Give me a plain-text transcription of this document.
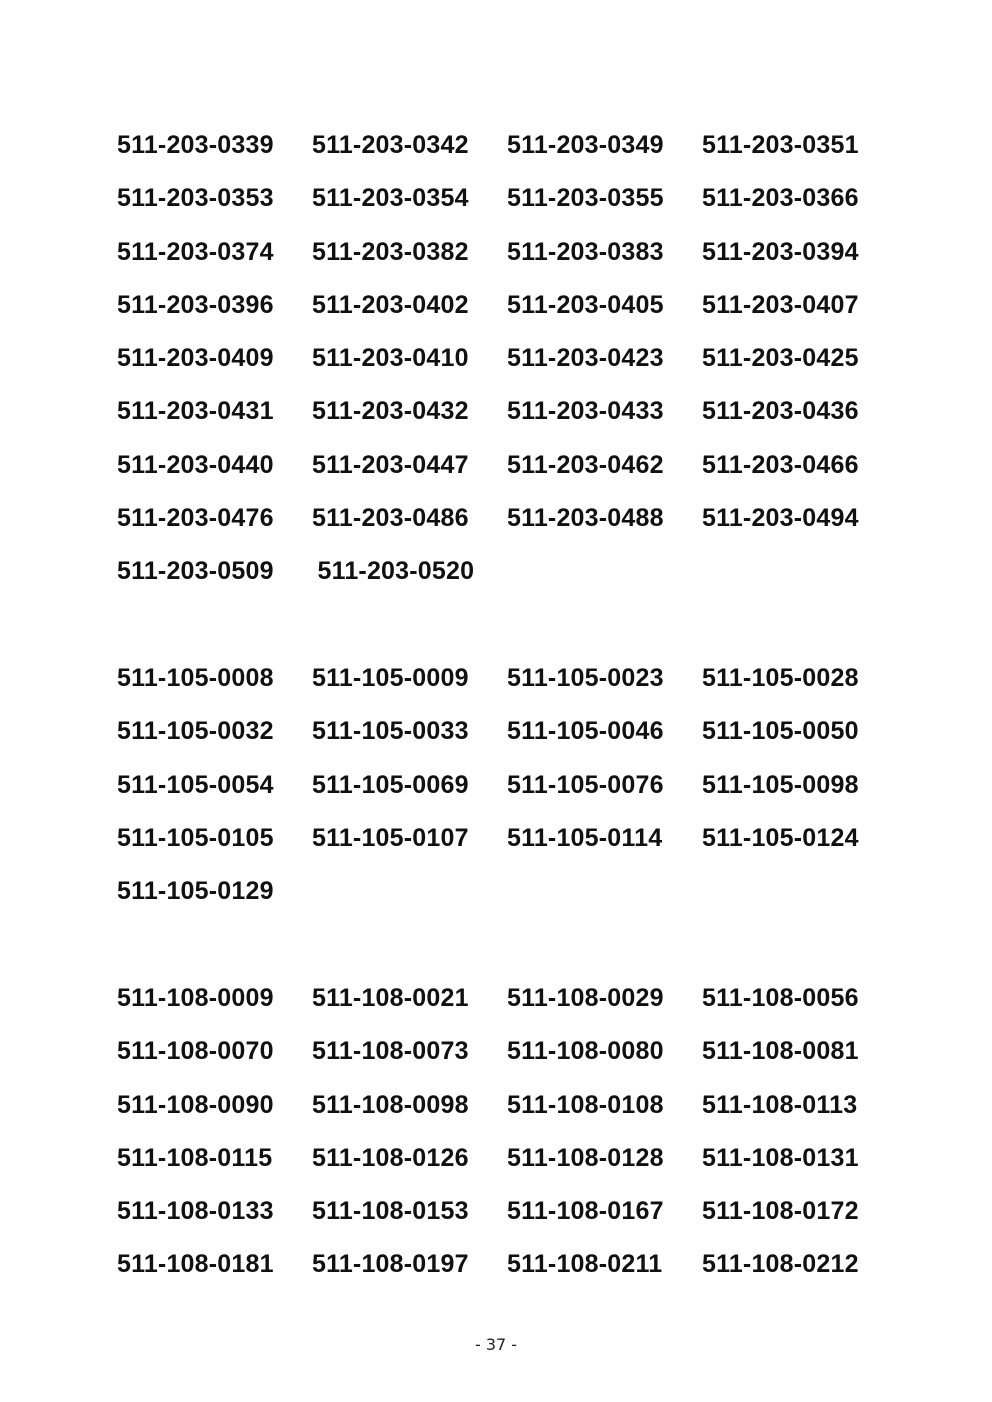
511-203-0339	511-203-0342	511-203-0349	511-203-0351
511-203-0353	511-203-0354	511-203-0355	511-203-0366
511-203-0374	511-203-0382	511-203-0383	511-203-0394
511-203-0396	511-203-0402	511-203-0405	511-203-0407
511-203-0409	511-203-0410	511-203-0423	511-203-0425
511-203-0431	511-203-0432	511-203-0433	511-203-0436
511-203-0440	511-203-0447	511-203-0462	511-203-0466
511-203-0476	511-203-0486	511-203-0488	511-203-0494
511-203-0509	511-203-0520
511-105-0008	511-105-0009	511-105-0023	511-105-0028
511-105-0032	511-105-0033	511-105-0046	511-105-0050
511-105-0054	511-105-0069	511-105-0076	511-105-0098
511-105-0105	511-105-0107	511-105-0114	511-105-0124
511-105-0129
511-108-0009	511-108-0021	511-108-0029	511-108-0056
511-108-0070	511-108-0073	511-108-0080	511-108-0081
511-108-0090	511-108-0098	511-108-0108	511-108-0113
511-108-0115	511-108-0126	511-108-0128	511-108-0131
511-108-0133	511-108-0153	511-108-0167	511-108-0172
511-108-0181	511-108-0197	511-108-0211	511-108-0212
- 37 -
